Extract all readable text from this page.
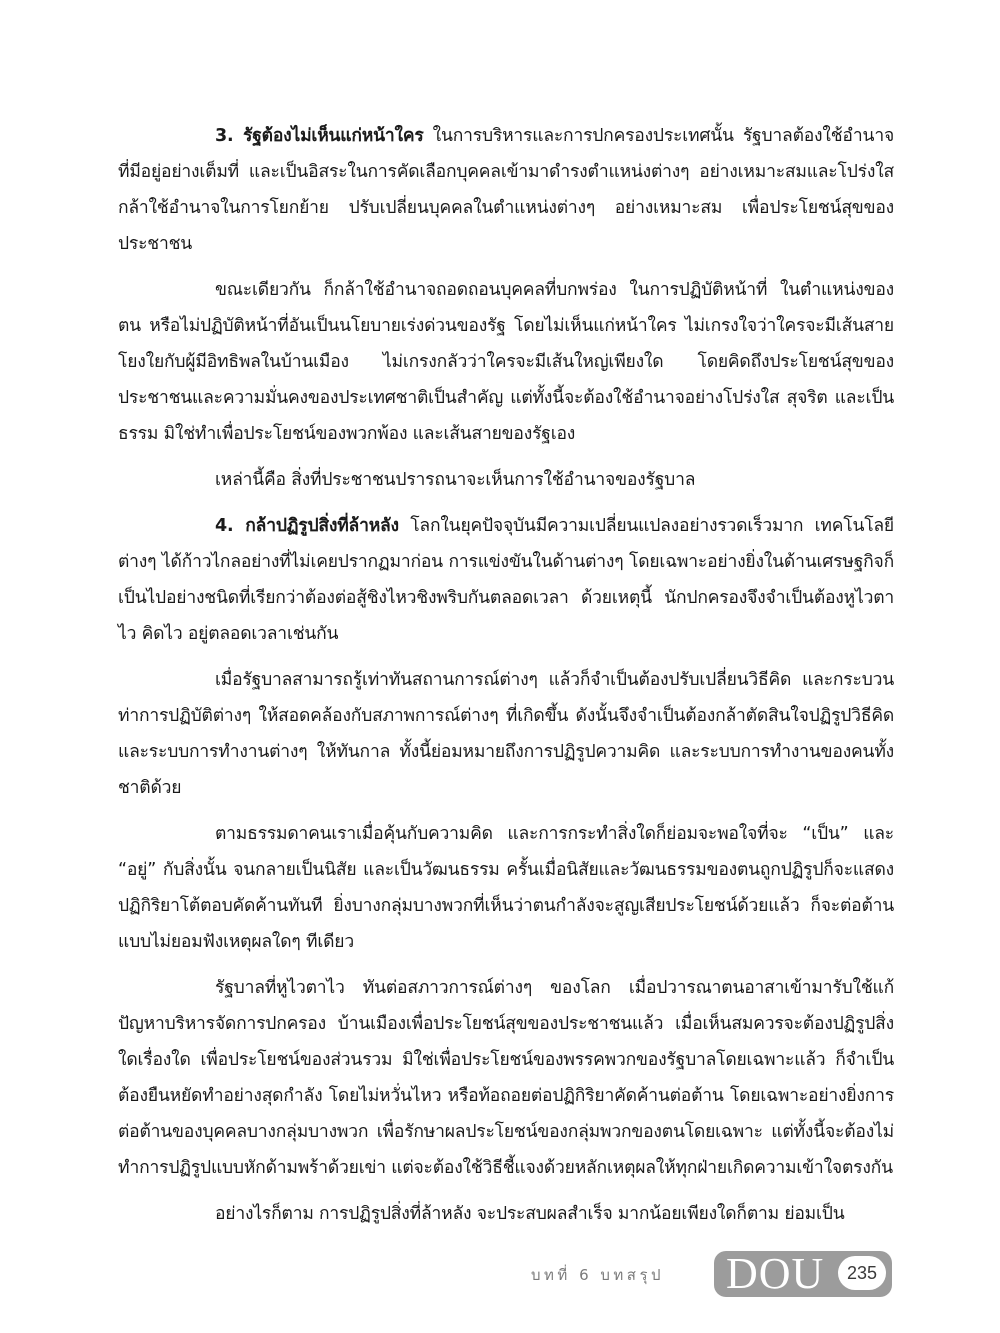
3. รัฐต้องไม่เห็นแก่หน้าใคร ในการบริหารและการปกครองประเทศนั้น รัฐบาลต้องใช้อำนาจที่มีอยู่อย่างเต็มที่ และเป็นอิสระในการคัดเลือกบุคคลเข้ามาดำรงตำแหน่งต่างๆ อย่างเหมาะสมและโปร่งใส กล้าใช้อำนาจในการโยกย้าย ปรับเปลี่ยนบุคคลในตำแหน่งต่างๆ อย่างเหมาะสม เพื่อประโยชน์สุขของประชาชน

ขณะเดียวกัน ก็กล้าใช้อำนาจถอดถอนบุคคลที่บกพร่อง ในการปฏิบัติหน้าที่ ในตำแหน่งของตน หรือไม่ปฏิบัติหน้าที่อันเป็นนโยบายเร่งด่วนของรัฐ โดยไม่เห็นแก่หน้าใคร ไม่เกรงใจว่าใครจะมีเส้นสายโยงใยกับผู้มีอิทธิพลในบ้านเมือง ไม่เกรงกลัวว่าใครจะมีเส้นใหญ่เพียงใด โดยคิดถึงประโยชน์สุขของประชาชนและความมั่นคงของประเทศชาติเป็นสำคัญ แต่ทั้งนี้จะต้องใช้อำนาจอย่างโปร่งใส สุจริต และเป็นธรรม มิใช่ทำเพื่อประโยชน์ของพวกพ้อง และเส้นสายของรัฐเอง

เหล่านี้คือ สิ่งที่ประชาชนปรารถนาจะเห็นการใช้อำนาจของรัฐบาล

4. กล้าปฏิรูปสิ่งที่ล้าหลัง โลกในยุคปัจจุบันมีความเปลี่ยนแปลงอย่างรวดเร็วมาก เทคโนโลยีต่างๆ ได้ก้าวไกลอย่างที่ไม่เคยปรากฏมาก่อน การแข่งขันในด้านต่างๆ โดยเฉพาะอย่างยิ่งในด้านเศรษฐกิจก็เป็นไปอย่างชนิดที่เรียกว่าต้องต่อสู้ชิงไหวชิงพริบกันตลอดเวลา ด้วยเหตุนี้ นักปกครองจึงจำเป็นต้องหูไวตาไว คิดไว อยู่ตลอดเวลาเช่นกัน

เมื่อรัฐบาลสามารถรู้เท่าทันสถานการณ์ต่างๆ แล้วก็จำเป็นต้องปรับเปลี่ยนวิธีคิด และกระบวนท่าการปฏิบัติต่างๆ ให้สอดคล้องกับสภาพการณ์ต่างๆ ที่เกิดขึ้น ดังนั้นจึงจำเป็นต้องกล้าตัดสินใจปฏิรูปวิธีคิดและระบบการทำงานต่างๆ ให้ทันกาล ทั้งนี้ย่อมหมายถึงการปฏิรูปความคิด และระบบการทำงานของคนทั้งชาติด้วย

ตามธรรมดาคนเราเมื่อคุ้นกับความคิด และการกระทำสิ่งใดก็ย่อมจะพอใจที่จะ “เป็น” และ “อยู่” กับสิ่งนั้น จนกลายเป็นนิสัย และเป็นวัฒนธรรม ครั้นเมื่อนิสัยและวัฒนธรรมของตนถูกปฏิรูปก็จะแสดงปฏิกิริยาโต้ตอบคัดค้านทันที ยิ่งบางกลุ่มบางพวกที่เห็นว่าตนกำลังจะสูญเสียประโยชน์ด้วยแล้ว ก็จะต่อต้านแบบไม่ยอมฟังเหตุผลใดๆ ทีเดียว

รัฐบาลที่หูไวตาไว ทันต่อสภาวการณ์ต่างๆ ของโลก เมื่อปวารณาตนอาสาเข้ามารับใช้แก้ปัญหาบริหารจัดการปกครอง บ้านเมืองเพื่อประโยชน์สุขของประชาชนแล้ว เมื่อเห็นสมควรจะต้องปฏิรูปสิ่งใดเรื่องใด เพื่อประโยชน์ของส่วนรวม มิใช่เพื่อประโยชน์ของพรรคพวกของรัฐบาลโดยเฉพาะแล้ว ก็จำเป็นต้องยืนหยัดทำอย่างสุดกำลัง โดยไม่หวั่นไหว หรือท้อถอยต่อปฏิกิริยาคัดค้านต่อต้าน โดยเฉพาะอย่างยิ่งการต่อต้านของบุคคลบางกลุ่มบางพวก เพื่อรักษาผลประโยชน์ของกลุ่มพวกของตนโดยเฉพาะ แต่ทั้งนี้จะต้องไม่ทำการปฏิรูปแบบหักด้ามพร้าด้วยเข่า แต่จะต้องใช้วิธีชี้แจงด้วยหลักเหตุผลให้ทุกฝ่ายเกิดความเข้าใจตรงกัน

อย่างไรก็ตาม การปฏิรูปสิ่งที่ล้าหลัง จะประสบผลสำเร็จ มากน้อยเพียงใดก็ตาม ย่อมเป็น

บทที่ 6 บทสรุป DOU	235
